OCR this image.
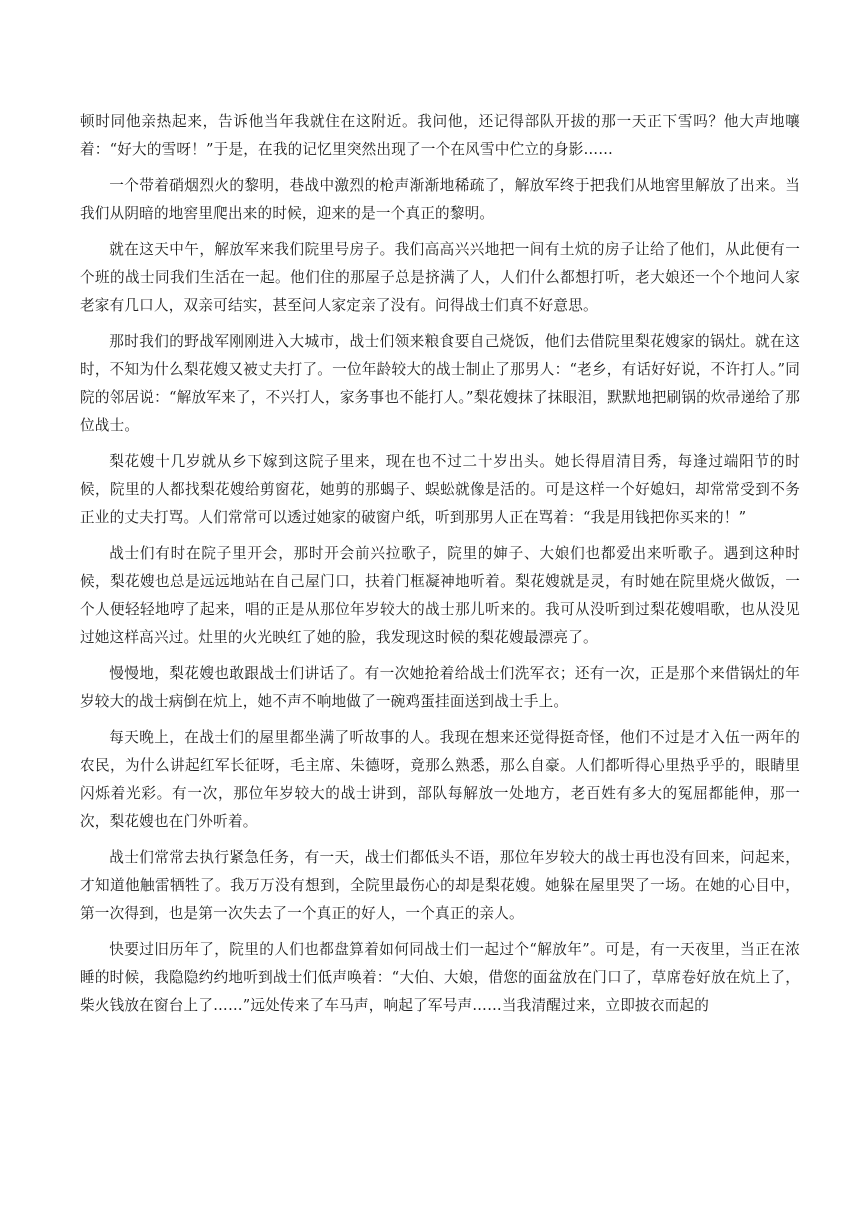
顿时同他亲热起来，告诉他当年我就住在这附近。我问他，还记得部队开拔的那一天正下雪吗？他大声地嚷着：“好大的雪呀！”于是，在我的记忆里突然出现了一个在风雪中伫立的身影……

一个带着硝烟烈火的黎明，巷战中激烈的枪声渐渐地稀疏了，解放军终于把我们从地窖里解放了出来。当我们从阴暗的地窖里爬出来的时候，迎来的是一个真正的黎明。

就在这天中午，解放军来我们院里号房子。我们高高兴兴地把一间有土炕的房子让给了他们，从此便有一个班的战士同我们生活在一起。他们住的那屋子总是挤满了人，人们什么都想打听，老大娘还一个个地问人家老家有几口人，双亲可结实，甚至问人家定亲了没有。问得战士们真不好意思。

那时我们的野战军刚刚进入大城市，战士们领来粮食要自己烧饭，他们去借院里梨花嫂家的锅灶。就在这时，不知为什么梨花嫂又被丈夫打了。一位年龄较大的战士制止了那男人：“老乡，有话好好说，不许打人。”同院的邻居说：“解放军来了，不兴打人，家务事也不能打人。”梨花嫂抹了抹眼泪，默默地把刷锅的炊帚递给了那位战士。

梨花嫂十几岁就从乡下嫁到这院子里来，现在也不过二十岁出头。她长得眉清目秀，每逢过端阳节的时候，院里的人都找梨花嫂给剪窗花，她剪的那蝎子、蜈蚣就像是活的。可是这样一个好媳妇，却常常受到不务正业的丈夫打骂。人们常常可以透过她家的破窗户纸，听到那男人正在骂着：“我是用钱把你买来的！”

战士们有时在院子里开会，那时开会前兴拉歌子，院里的婶子、大娘们也都爱出来听歌子。遇到这种时候，梨花嫂也总是远远地站在自己屋门口，扶着门框凝神地听着。梨花嫂就是灵，有时她在院里烧火做饭，一个人便轻轻地哼了起来，唱的正是从那位年岁较大的战士那儿听来的。我可从没听到过梨花嫂唱歌，也从没见过她这样高兴过。灶里的火光映红了她的脸，我发现这时候的梨花嫂最漂亮了。

慢慢地，梨花嫂也敢跟战士们讲话了。有一次她抢着给战士们洗军衣；还有一次，正是那个来借锅灶的年岁较大的战士病倒在炕上，她不声不响地做了一碗鸡蛋挂面送到战士手上。

每天晚上，在战士们的屋里都坐满了听故事的人。我现在想来还觉得挺奇怪，他们不过是才入伍一两年的农民，为什么讲起红军长征呀，毛主席、朱德呀，竟那么熟悉，那么自豪。人们都听得心里热乎乎的，眼睛里闪烁着光彩。有一次，那位年岁较大的战士讲到，部队每解放一处地方，老百姓有多大的冤屈都能伸，那一次，梨花嫂也在门外听着。

战士们常常去执行紧急任务，有一天，战士们都低头不语，那位年岁较大的战士再也没有回来，问起来，才知道他触雷牺牲了。我万万没有想到，全院里最伤心的却是梨花嫂。她躲在屋里哭了一场。在她的心目中，第一次得到，也是第一次失去了一个真正的好人，一个真正的亲人。

快要过旧历年了，院里的人们也都盘算着如何同战士们一起过个“解放年”。可是，有一天夜里，当正在浓睡的时候，我隐隐约约地听到战士们低声唤着：“大伯、大娘，借您的面盆放在门口了，草席卷好放在炕上了，柴火钱放在窗台上了……”远处传来了车马声，响起了军号声……当我清醒过来，立即披衣而起的
